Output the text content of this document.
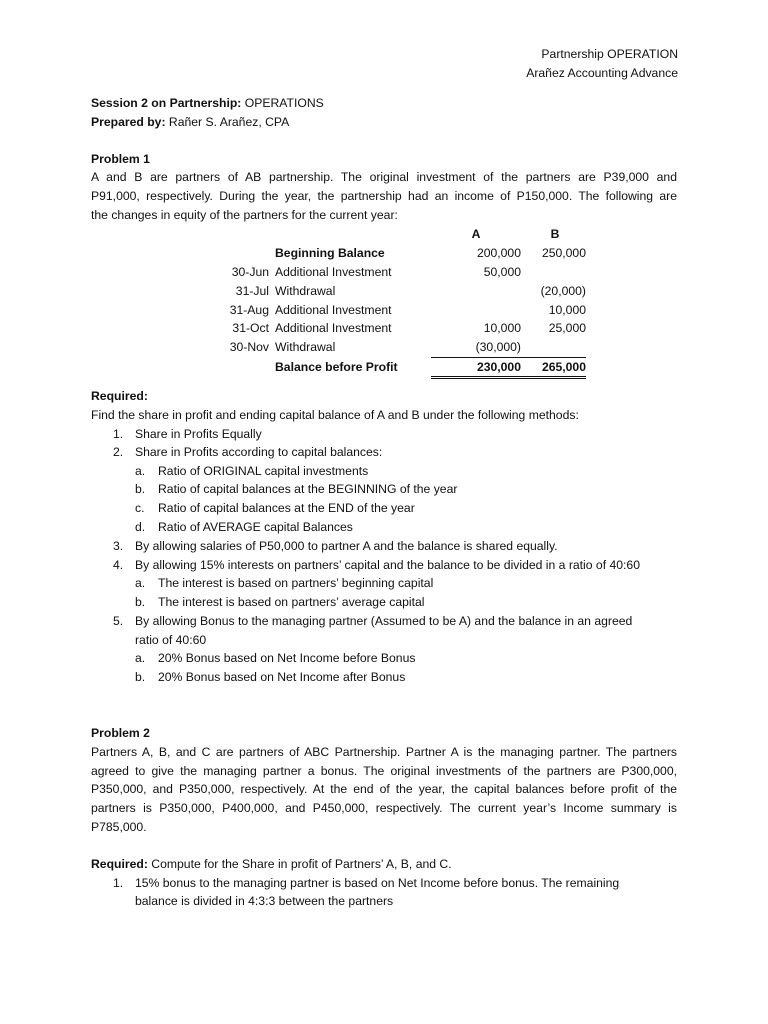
Partnership OPERATION
Arañez Accounting Advance
Session 2 on Partnership: OPERATIONS
Prepared by: Rañer S. Arañez, CPA
Problem 1
A and B are partners of AB partnership. The original investment of the partners are P39,000 and
P91,000, respectively. During the year, the partnership had an income of P150,000. The following are
the changes in equity of the partners for the current year:
		A	B
	Beginning Balance	200,000	250,000
30-Jun	Additional Investment	50,000	
31-Jul	Withdrawal		(20,000)
31-Aug	Additional Investment		10,000
31-Oct	Additional Investment	10,000	25,000
30-Nov	Withdrawal	(30,000)	
	Balance before Profit	230,000	265,000
Required:
Find the share in profit and ending capital balance of A and B under the following methods:
1. Share in Profits Equally
2. Share in Profits according to capital balances:
a. Ratio of ORIGINAL capital investments
b. Ratio of capital balances at the BEGINNING of the year
c. Ratio of capital balances at the END of the year
d. Ratio of AVERAGE capital Balances
3. By allowing salaries of P50,000 to partner A and the balance is shared equally.
4. By allowing 15% interests on partners’ capital and the balance to be divided in a ratio of 40:60
a. The interest is based on partners’ beginning capital
b. The interest is based on partners’ average capital
5. By allowing Bonus to the managing partner (Assumed to be A) and the balance in an agreed
ratio of 40:60
a. 20% Bonus based on Net Income before Bonus
b. 20% Bonus based on Net Income after Bonus
Problem 2
Partners A, B, and C are partners of ABC Partnership. Partner A is the managing partner. The partners
agreed to give the managing partner a bonus. The original investments of the partners are P300,000,
P350,000, and P350,000, respectively. At the end of the year, the capital balances before profit of the
partners is P350,000, P400,000, and P450,000, respectively. The current year’s Income summary is
P785,000.
Required: Compute for the Share in profit of Partners’ A, B, and C.
1. 15% bonus to the managing partner is based on Net Income before bonus. The remaining
balance is divided in 4:3:3 between the partners
